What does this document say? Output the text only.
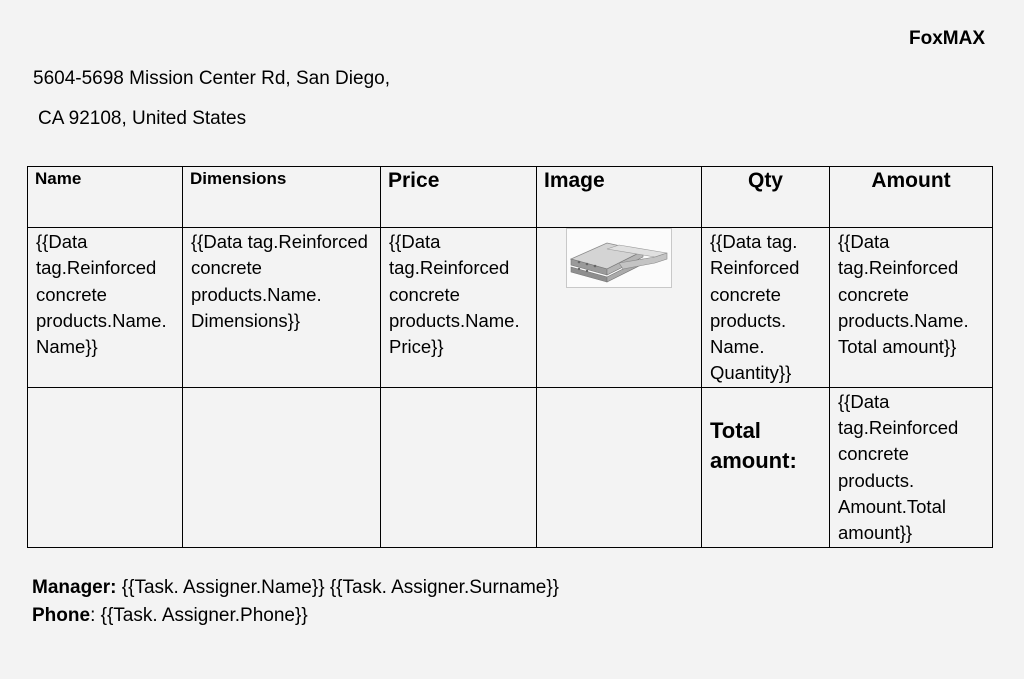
FoxMAX
5604-5698 Mission Center Rd, San Diego,
CA 92108, United States
Name	Dimensions	Price	Image	Qty	Amount

{{Data tag.Reinforced concrete products.Name. Name}}	{{Data tag.Reinforced concrete products.Name. Dimensions}}	{{Data tag.Reinforced concrete products.Name. Price}}		{{Data tag. Reinforced concrete products. Name. Quantity}}	{{Data tag.Reinforced concrete products.Name. Total amount}}

				Total amount:	{{Data tag.Reinforced concrete products. Amount.Total amount}}
Manager: {{Task. Assigner.Name}} {{Task. Assigner.Surname}}
Phone: {{Task. Assigner.Phone}}
